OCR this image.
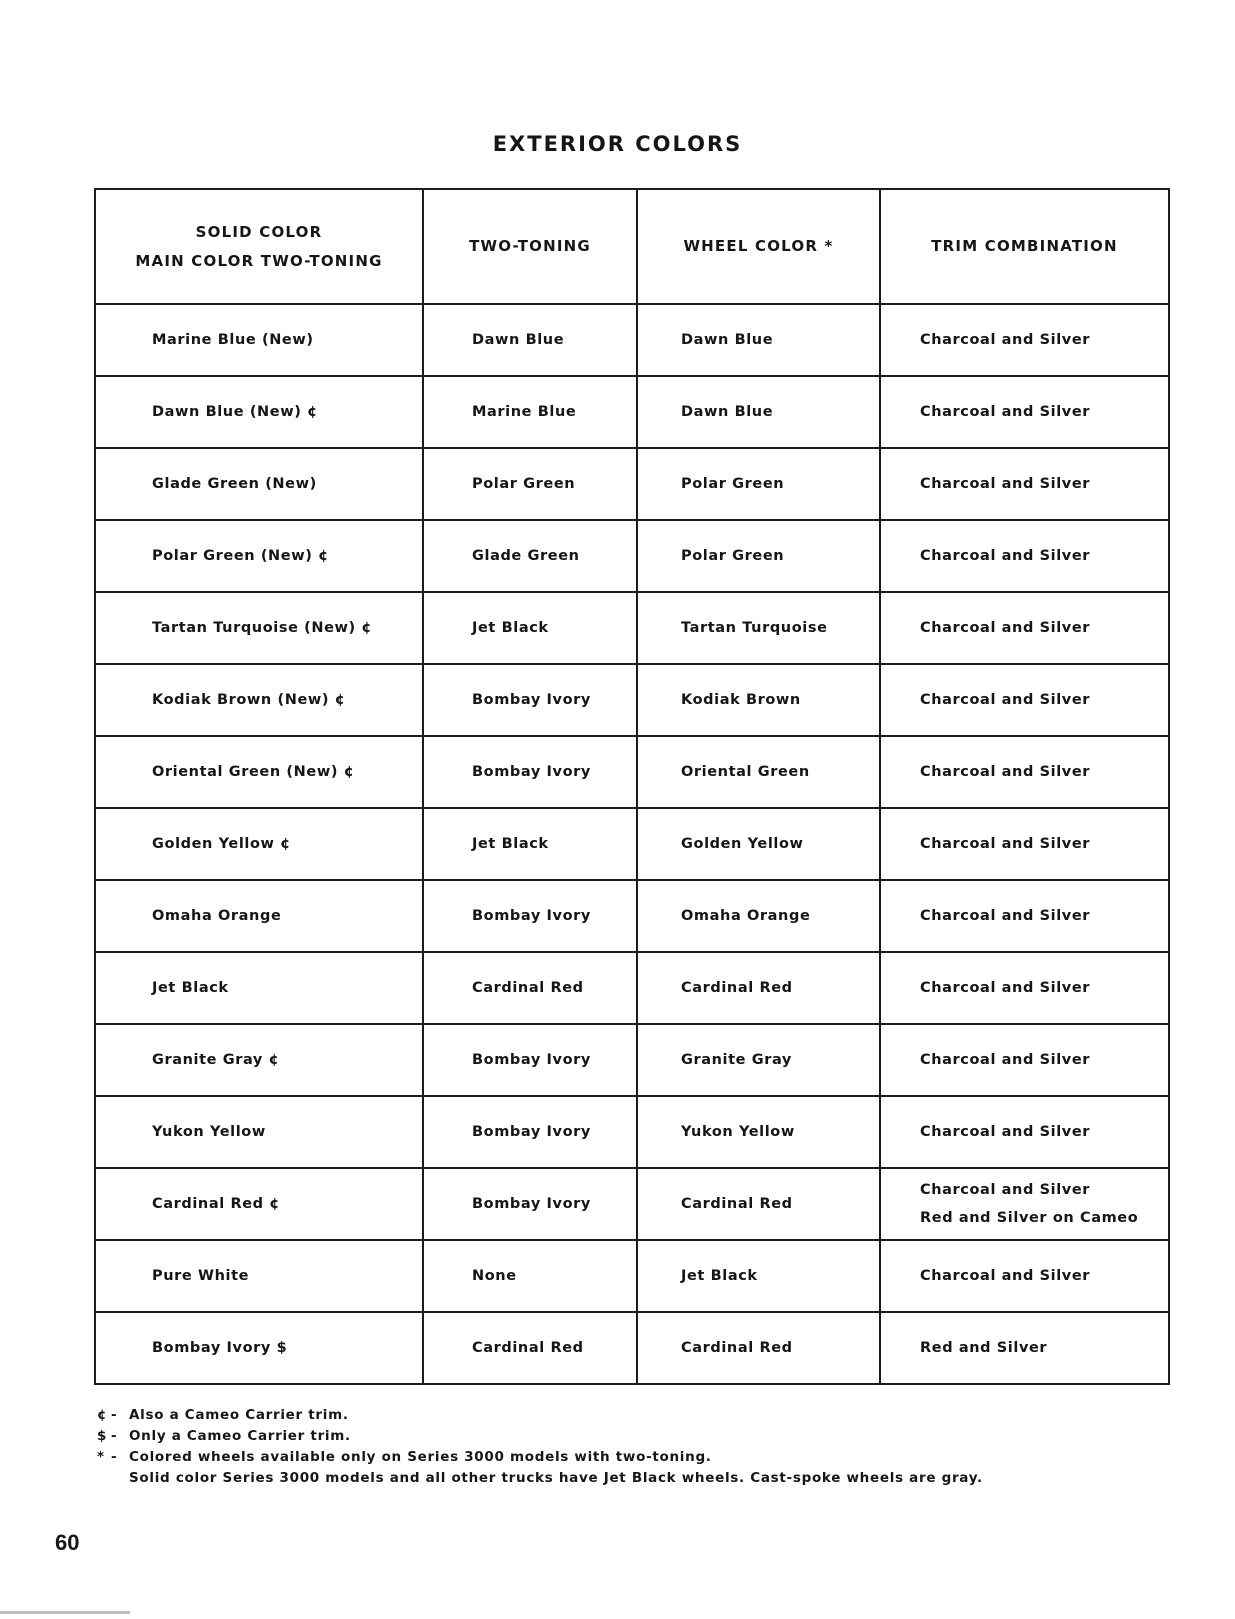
EXTERIOR COLORS
SOLID COLOR
MAIN COLOR TWO-TONING	TWO-TONING	WHEEL COLOR *	TRIM COMBINATION

Marine Blue (New)	Dawn Blue	Dawn Blue	Charcoal and Silver

Dawn Blue (New) ¢	Marine Blue	Dawn Blue	Charcoal and Silver

Glade Green (New)	Polar Green	Polar Green	Charcoal and Silver

Polar Green (New) ¢	Glade Green	Polar Green	Charcoal and Silver

Tartan Turquoise (New) ¢	Jet Black	Tartan Turquoise	Charcoal and Silver

Kodiak Brown (New) ¢	Bombay Ivory	Kodiak Brown	Charcoal and Silver

Oriental Green (New) ¢	Bombay Ivory	Oriental Green	Charcoal and Silver

Golden Yellow ¢	Jet Black	Golden Yellow	Charcoal and Silver

Omaha Orange	Bombay Ivory	Omaha Orange	Charcoal and Silver

Jet Black	Cardinal Red	Cardinal Red	Charcoal and Silver

Granite Gray ¢	Bombay Ivory	Granite Gray	Charcoal and Silver

Yukon Yellow	Bombay Ivory	Yukon Yellow	Charcoal and Silver

Cardinal Red ¢	Bombay Ivory	Cardinal Red	Charcoal and Silver
Red and Silver on Cameo

Pure White	None	Jet Black	Charcoal and Silver

Bombay Ivory $	Cardinal Red	Cardinal Red	Red and Silver
¢ - Also a Cameo Carrier trim.
$ - Only a Cameo Carrier trim.
* - Colored wheels available only on Series 3000 models with two-toning.
Solid color Series 3000 models and all other trucks have Jet Black wheels. Cast-spoke wheels are gray.
60
